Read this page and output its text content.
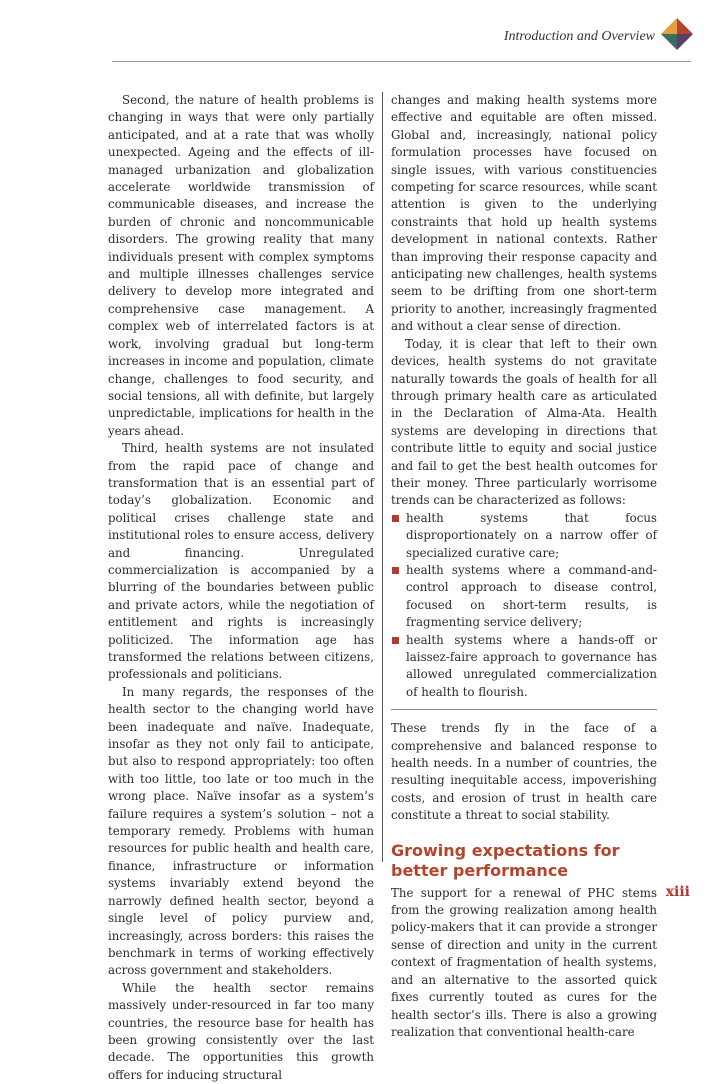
Introduction and Overview

Second, the nature of health problems is changing in ways that were only partially anticipated, and at a rate that was wholly unexpected. Ageing and the effects of ill-managed urbanization and globalization accelerate worldwide transmission of communicable diseases, and increase the burden of chronic and noncommunicable disorders. The growing reality that many individuals present with complex symptoms and multiple illnesses challenges service delivery to develop more integrated and comprehensive case management. A complex web of interrelated factors is at work, involving gradual but long-term increases in income and population, climate change, challenges to food security, and social tensions, all with definite, but largely unpredictable, implications for health in the years ahead.

Third, health systems are not insulated from the rapid pace of change and transformation that is an essential part of today’s globalization. Economic and political crises challenge state and institutional roles to ensure access, delivery and financing. Unregulated commercialization is accompanied by a blurring of the boundaries between public and private actors, while the negotiation of entitlement and rights is increasingly politicized. The information age has transformed the relations between citizens, professionals and politicians.

In many regards, the responses of the health sector to the changing world have been inadequate and naïve. Inadequate, insofar as they not only fail to anticipate, but also to respond appropriately: too often with too little, too late or too much in the wrong place. Naïve insofar as a system’s failure requires a system’s solution – not a temporary remedy. Problems with human resources for public health and health care, finance, infrastructure or information systems invariably extend beyond the narrowly defined health sector, beyond a single level of policy purview and, increasingly, across borders: this raises the benchmark in terms of working effectively across government and stakeholders.

While the health sector remains massively under-resourced in far too many countries, the resource base for health has been growing consistently over the last decade. The opportunities this growth offers for inducing structural

changes and making health systems more effective and equitable are often missed. Global and, increasingly, national policy formulation processes have focused on single issues, with various constituencies competing for scarce resources, while scant attention is given to the underlying constraints that hold up health systems development in national contexts. Rather than improving their response capacity and anticipating new challenges, health systems seem to be drifting from one short-term priority to another, increasingly fragmented and without a clear sense of direction.

Today, it is clear that left to their own devices, health systems do not gravitate naturally towards the goals of health for all through primary health care as articulated in the Declaration of Alma-Ata. Health systems are developing in directions that contribute little to equity and social justice and fail to get the best health outcomes for their money. Three particularly worrisome trends can be characterized as follows:

health systems that focus disproportionately on a narrow offer of specialized curative care;
health systems where a command-and-control approach to disease control, focused on short-term results, is fragmenting service delivery;
health systems where a hands-off or laissez-faire approach to governance has allowed unregulated commercialization of health to flourish.

These trends fly in the face of a comprehensive and balanced response to health needs. In a number of countries, the resulting inequitable access, impoverishing costs, and erosion of trust in health care constitute a threat to social stability.

Growing expectations for better performance

The support for a renewal of PHC stems from the growing realization among health policy-makers that it can provide a stronger sense of direction and unity in the current context of fragmentation of health systems, and an alternative to the assorted quick fixes currently touted as cures for the health sector’s ills. There is also a growing realization that conventional health-care

xiii
